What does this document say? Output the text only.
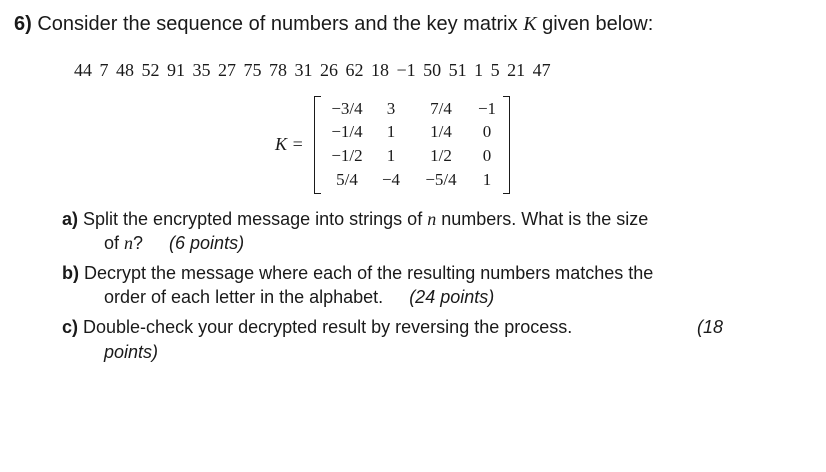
6) Consider the sequence of numbers and the key matrix K given below:
44 7 48 52 91 35 27 75 78 31 26 62 18 −1 50 51 1 5 21 47
K =
−3/4	3	7/4	−1
−1/4	1	1/4	0
−1/2	1	1/2	0
5/4	−4	−5/4	1
a) Split the encrypted message into strings of n numbers. What is the size
of n? (6 points)
b) Decrypt the message where each of the resulting numbers matches the
order of each letter in the alphabet. (24 points)
c) Double-check your decrypted result by reversing the process.	(18
points)
